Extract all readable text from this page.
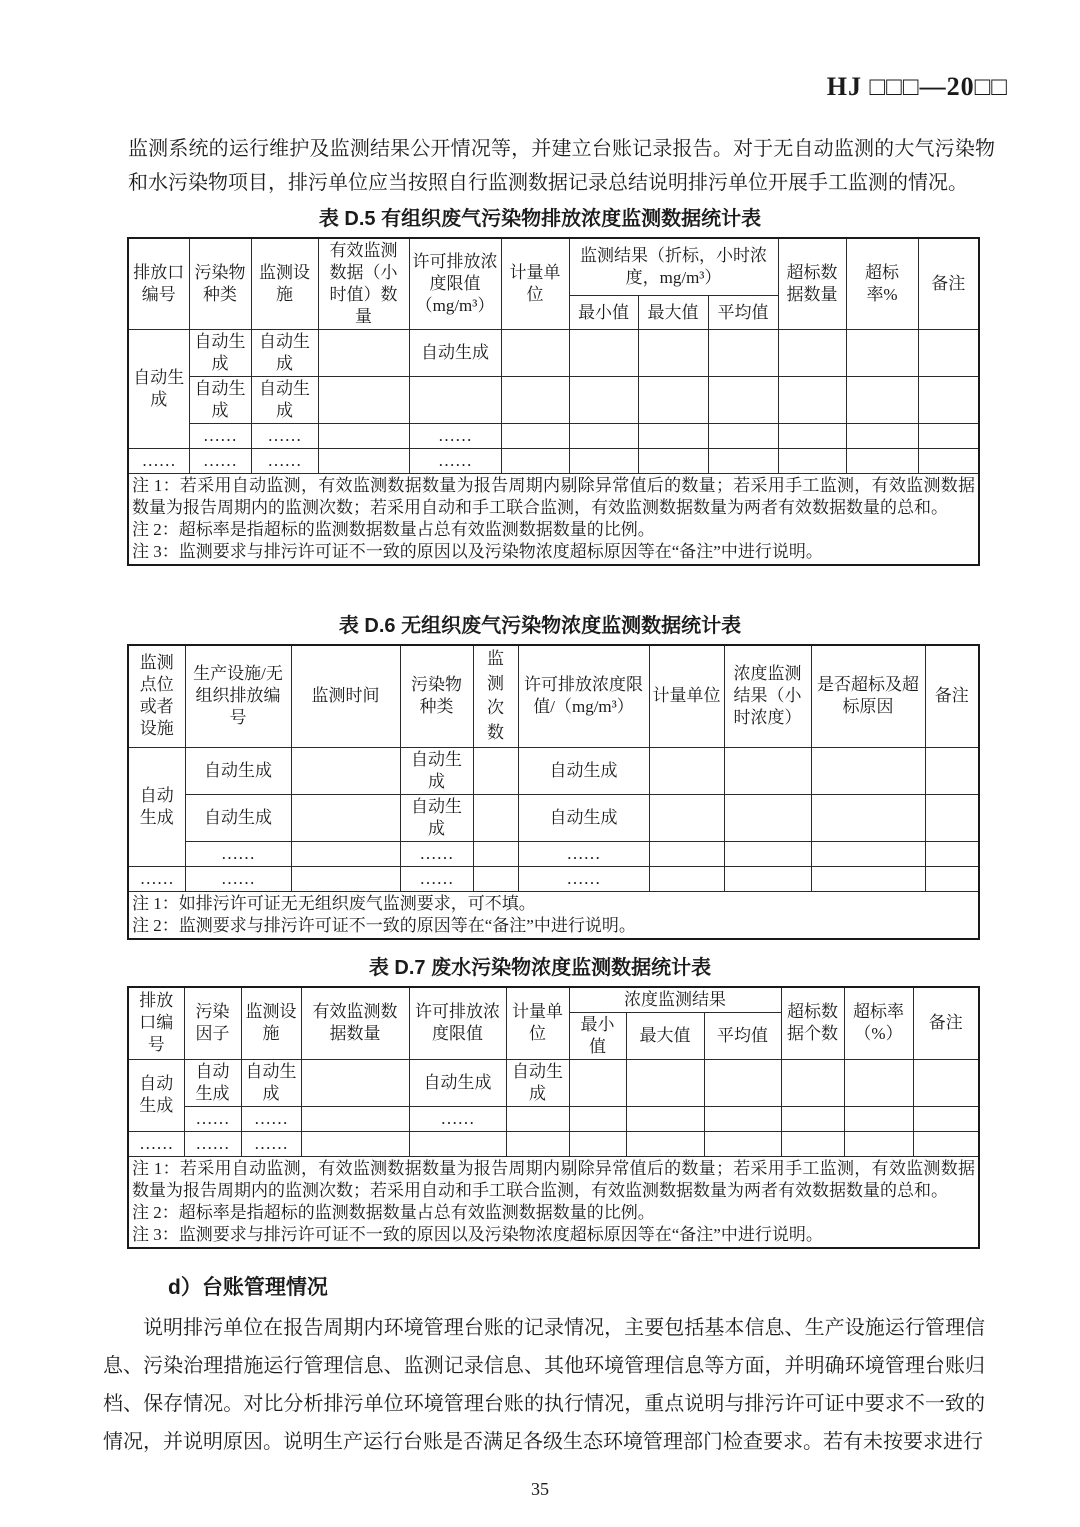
HJ □□□—20□□
监测系统的运行维护及监测结果公开情况等，并建立台账记录报告。对于无自动监测的大气污染物和水污染物项目，排污单位应当按照自行监测数据记录总结说明排污单位开展手工监测的情况。
表 D.5 有组织废气污染物排放浓度监测数据统计表
排放口编号	污染物种类	监测设施	有效监测数据（小时值）数量	许可排放浓度限值（mg/m³）	计量单位	监测结果（折标，小时浓度，mg/m³）			超标数据数量	超标率%	备注
						最小值	最大值	平均值			
自动生成	自动生成	自动生成		自动生成							
	自动生成	自动生成									
	……	……		……							
……	……	……		……							

注 1：若采用自动监测，有效监测数据数量为报告周期内剔除异常值后的数量；若采用手工监测，有效监测数据数量为报告周期内的监测次数；若采用自动和手工联合监测，有效监测数据数量为两者有效数据数量的总和。
注 2：超标率是指超标的监测数据数量占总有效监测数据数量的比例。
注 3：监测要求与排污许可证不一致的原因以及污染物浓度超标原因等在“备注”中进行说明。											
表 D.6 无组织废气污染物浓度监测数据统计表
监测点位或者设施	生产设施/无组织排放编号	监测时间	污染物种类	监测次数	许可排放浓度限值/（mg/m³）	计量单位	浓度监测结果（小时浓度）	是否超标及超标原因	备注
自动生成	自动生成		自动生成		自动生成				
	自动生成		自动生成		自动生成				
	……		……		……				
……	……		……		……				

注 1：如排污许可证无无组织废气监测要求，可不填。
注 2：监测要求与排污许可证不一致的原因等在“备注”中进行说明。									
表 D.7 废水污染物浓度监测数据统计表
排放口编号	污染因子	监测设施	有效监测数据数量	许可排放浓度限值	计量单位	浓度监测结果			超标数据个数	超标率（%）	备注
						最小值	最大值	平均值			
自动生成	自动生成	自动生成		自动生成	自动生成						
	……	……		……							
……	……	……									

注 1：若采用自动监测，有效监测数据数量为报告周期内剔除异常值后的数量；若采用手工监测，有效监测数据数量为报告周期内的监测次数；若采用自动和手工联合监测，有效监测数据数量为两者有效数据数量的总和。
注 2：超标率是指超标的监测数据数量占总有效监测数据数量的比例。
注 3：监测要求与排污许可证不一致的原因以及污染物浓度超标原因等在“备注”中进行说明。											
d）台账管理情况
说明排污单位在报告周期内环境管理台账的记录情况，主要包括基本信息、生产设施运行管理信息、污染治理措施运行管理信息、监测记录信息、其他环境管理信息等方面，并明确环境管理台账归档、保存情况。对比分析排污单位环境管理台账的执行情况，重点说明与排污许可证中要求不一致的情况，并说明原因。说明生产运行台账是否满足各级生态环境管理部门检查要求。若有未按要求进行
35
